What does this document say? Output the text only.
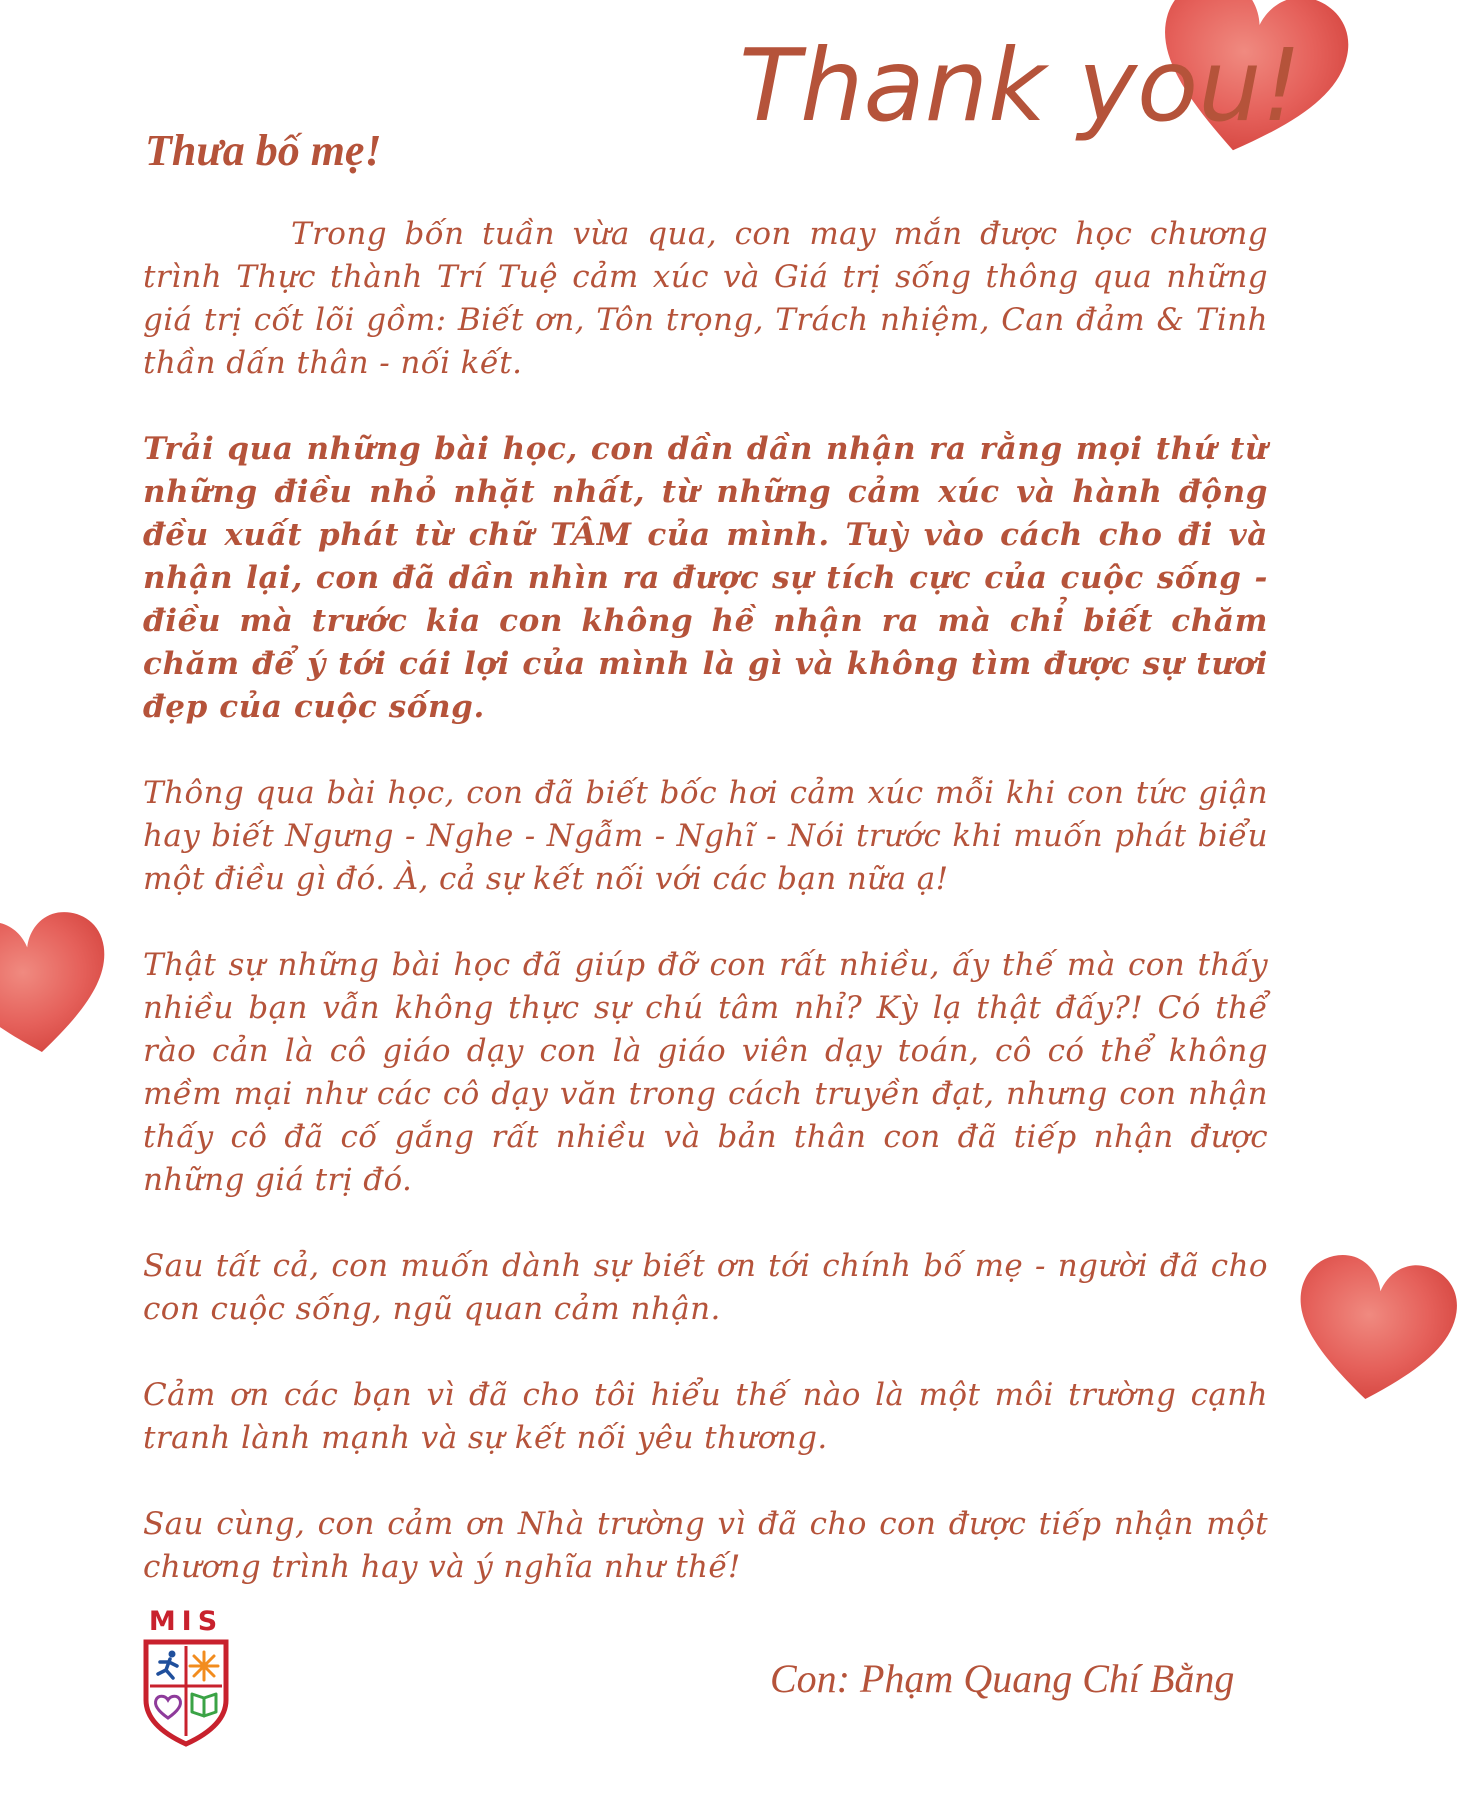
Thank you!
Thưa bố mẹ!

Trong bốn tuần vừa qua, con may mắn được học chương trình Thực thành Trí Tuệ cảm xúc và Giá trị sống thông qua những giá trị cốt lõi gồm: Biết ơn, Tôn trọng, Trách nhiệm, Can đảm & Tinh thần dấn thân - nối kết.

Trải qua những bài học, con dần dần nhận ra rằng mọi thứ từ những điều nhỏ nhặt nhất, từ những cảm xúc và hành động đều xuất phát từ chữ TÂM của mình. Tuỳ vào cách cho đi và nhận lại, con đã dần nhìn ra được sự tích cực của cuộc sống - điều mà trước kia con không hề nhận ra mà chỉ biết chăm chăm để ý tới cái lợi của mình là gì và không tìm được sự tươi đẹp của cuộc sống.

Thông qua bài học, con đã biết bốc hơi cảm xúc mỗi khi con tức giận hay biết Ngưng - Nghe - Ngẫm - Nghĩ - Nói trước khi muốn phát biểu một điều gì đó. À, cả sự kết nối với các bạn nữa ạ!

Thật sự những bài học đã giúp đỡ con rất nhiều, ấy thế mà con thấy nhiều bạn vẫn không thực sự chú tâm nhỉ? Kỳ lạ thật đấy?! Có thể rào cản là cô giáo dạy con là giáo viên dạy toán, cô có thể không mềm mại như các cô dạy văn trong cách truyền đạt, nhưng con nhận thấy cô đã cố gắng rất nhiều và bản thân con đã tiếp nhận được những giá trị đó.

Sau tất cả, con muốn dành sự biết ơn tới chính bố mẹ - người đã cho con cuộc sống, ngũ quan cảm nhận.

Cảm ơn các bạn vì đã cho tôi hiểu thế nào là một môi trường cạnh tranh lành mạnh và sự kết nối yêu thương.

Sau cùng, con cảm ơn Nhà trường vì đã cho con được tiếp nhận một chương trình hay và ý nghĩa như thế!

MIS
Con: Phạm Quang Chí Bằng
